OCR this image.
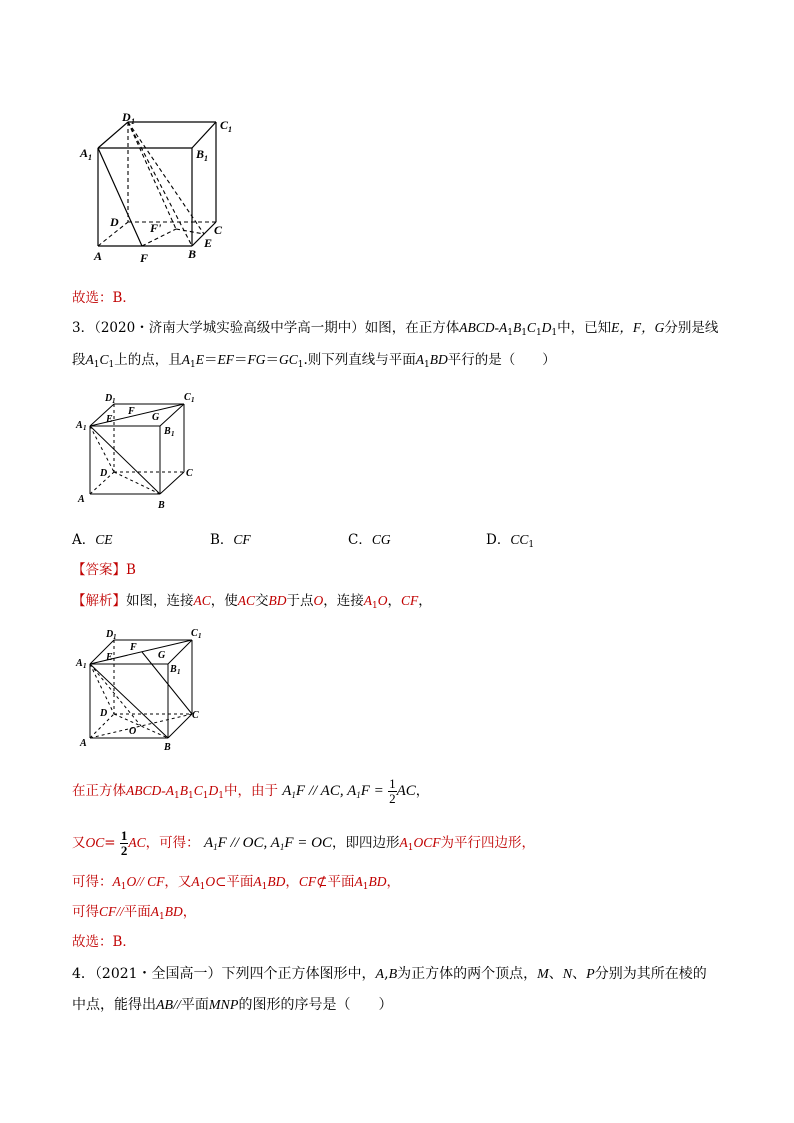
D 1	C 1
A 1	B 1
D
C
A	F
F'
B
E
故选：B．
3．（2020・济南大学城实验高级中学高一期中）如图，在正方体ABCD-$A_1B_1C_1D_1$中，已知E，F，G分别是线
段$A_1C_1$上的点，且$A_1E=EF=FG=GC_1$.则下列直线与平面$A_1BD$平行的是（　　）
D 1	C 1
A 1	B 1
E
F
G
D	C
A
B
A．CE	B．CF	C．CG	D．$CC_1$
【答案】B
【解析】如图，连接AC，使AC交BD于点O，连接$A_1O$，CF，
D 1	C 1
A 1	B 1
E
F
G
D	C
O
A	B
在正方体ABCD-$A_1B_1C_1D_1$中，由于 $A_1F$ // AC, $A_1F = \frac{1}{2}$ AC，
又$OC= \frac{1}{2}$ AC，可得： $A_1F$ // OC, $A_1F$ = OC，即四边形$A_1OCF$为平行四边形，
可得：$A_1O//$ CF，又$A_1O\subset$平面$A_1BD$，CF⊄平面$A_1BD$，
可得CF//平面$A_1BD$，
故选：B．
4．（2021・全国高一）下列四个正方体图形中，A,B为正方体的两个顶点，M、N、P分别为其所在棱的
中点，能得出AB//平面MNP的图形的序号是（　　）
